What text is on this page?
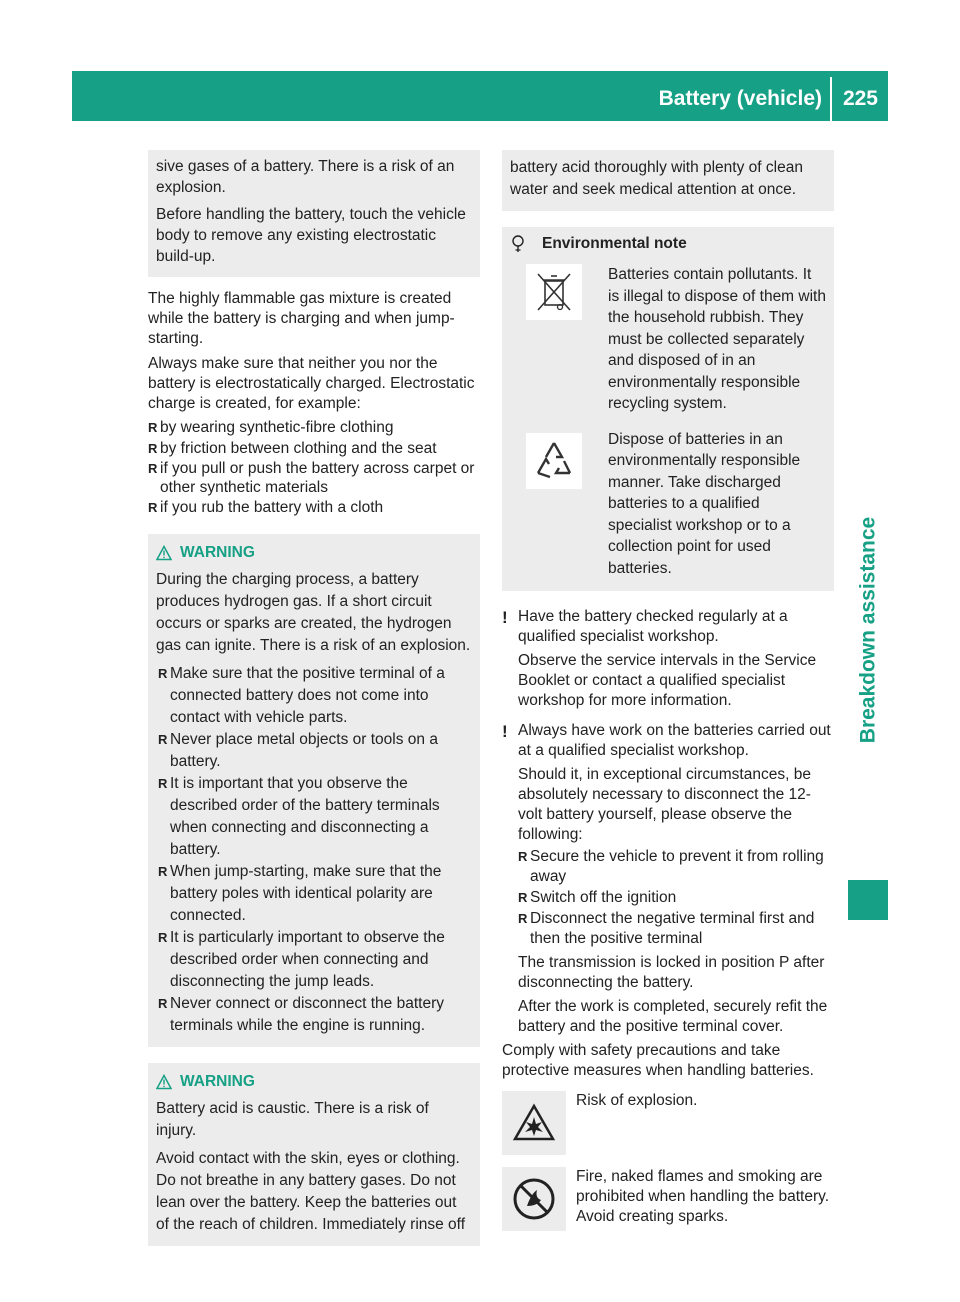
Battery (vehicle) 225
Breakdown assistance

sive gases of a battery. There is a risk of an explosion.

Before handling the battery, touch the vehicle body to remove any existing electrostatic build-up.

The highly flammable gas mixture is created while the battery is charging and when jump-starting.

Always make sure that neither you nor the battery is electrostatically charged. Electrostatic charge is created, for example:

R by wearing synthetic-fibre clothing
R by friction between clothing and the seat
R if you pull or push the battery across carpet or other synthetic materials
R if you rub the battery with a cloth
WARNING

During the charging process, a battery produces hydrogen gas. If a short circuit occurs or sparks are created, the hydrogen gas can ignite. There is a risk of an explosion.

R Make sure that the positive terminal of a connected battery does not come into contact with vehicle parts.
R Never place metal objects or tools on a battery.
R It is important that you observe the described order of the battery terminals when connecting and disconnecting a battery.
R When jump-starting, make sure that the battery poles with identical polarity are connected.
R It is particularly important to observe the described order when connecting and disconnecting the jump leads.
R Never connect or disconnect the battery terminals while the engine is running.
WARNING

Battery acid is caustic. There is a risk of injury.

Avoid contact with the skin, eyes or clothing. Do not breathe in any battery gases. Do not lean over the battery. Keep the batteries out of the reach of children. Immediately rinse off

battery acid thoroughly with plenty of clean water and seek medical attention at once.

Environmental note

Batteries contain pollutants. It is illegal to dispose of them with the household rubbish. They must be collected separately and disposed of in an environmentally responsible recycling system.

Dispose of batteries in an environmentally responsible manner. Take discharged batteries to a qualified specialist workshop or to a collection point for used batteries.

! Have the battery checked regularly at a qualified specialist workshop.

Observe the service intervals in the Service Booklet or contact a qualified specialist workshop for more information.

! Always have work on the batteries carried out at a qualified specialist workshop.

Should it, in exceptional circumstances, be absolutely necessary to disconnect the 12-volt battery yourself, please observe the following:

R Secure the vehicle to prevent it from rolling away
R Switch off the ignition
R Disconnect the negative terminal first and then the positive terminal

The transmission is locked in position P after disconnecting the battery.

After the work is completed, securely refit the battery and the positive terminal cover.

Comply with safety precautions and take protective measures when handling batteries.

Risk of explosion.

Fire, naked flames and smoking are prohibited when handling the battery. Avoid creating sparks.
